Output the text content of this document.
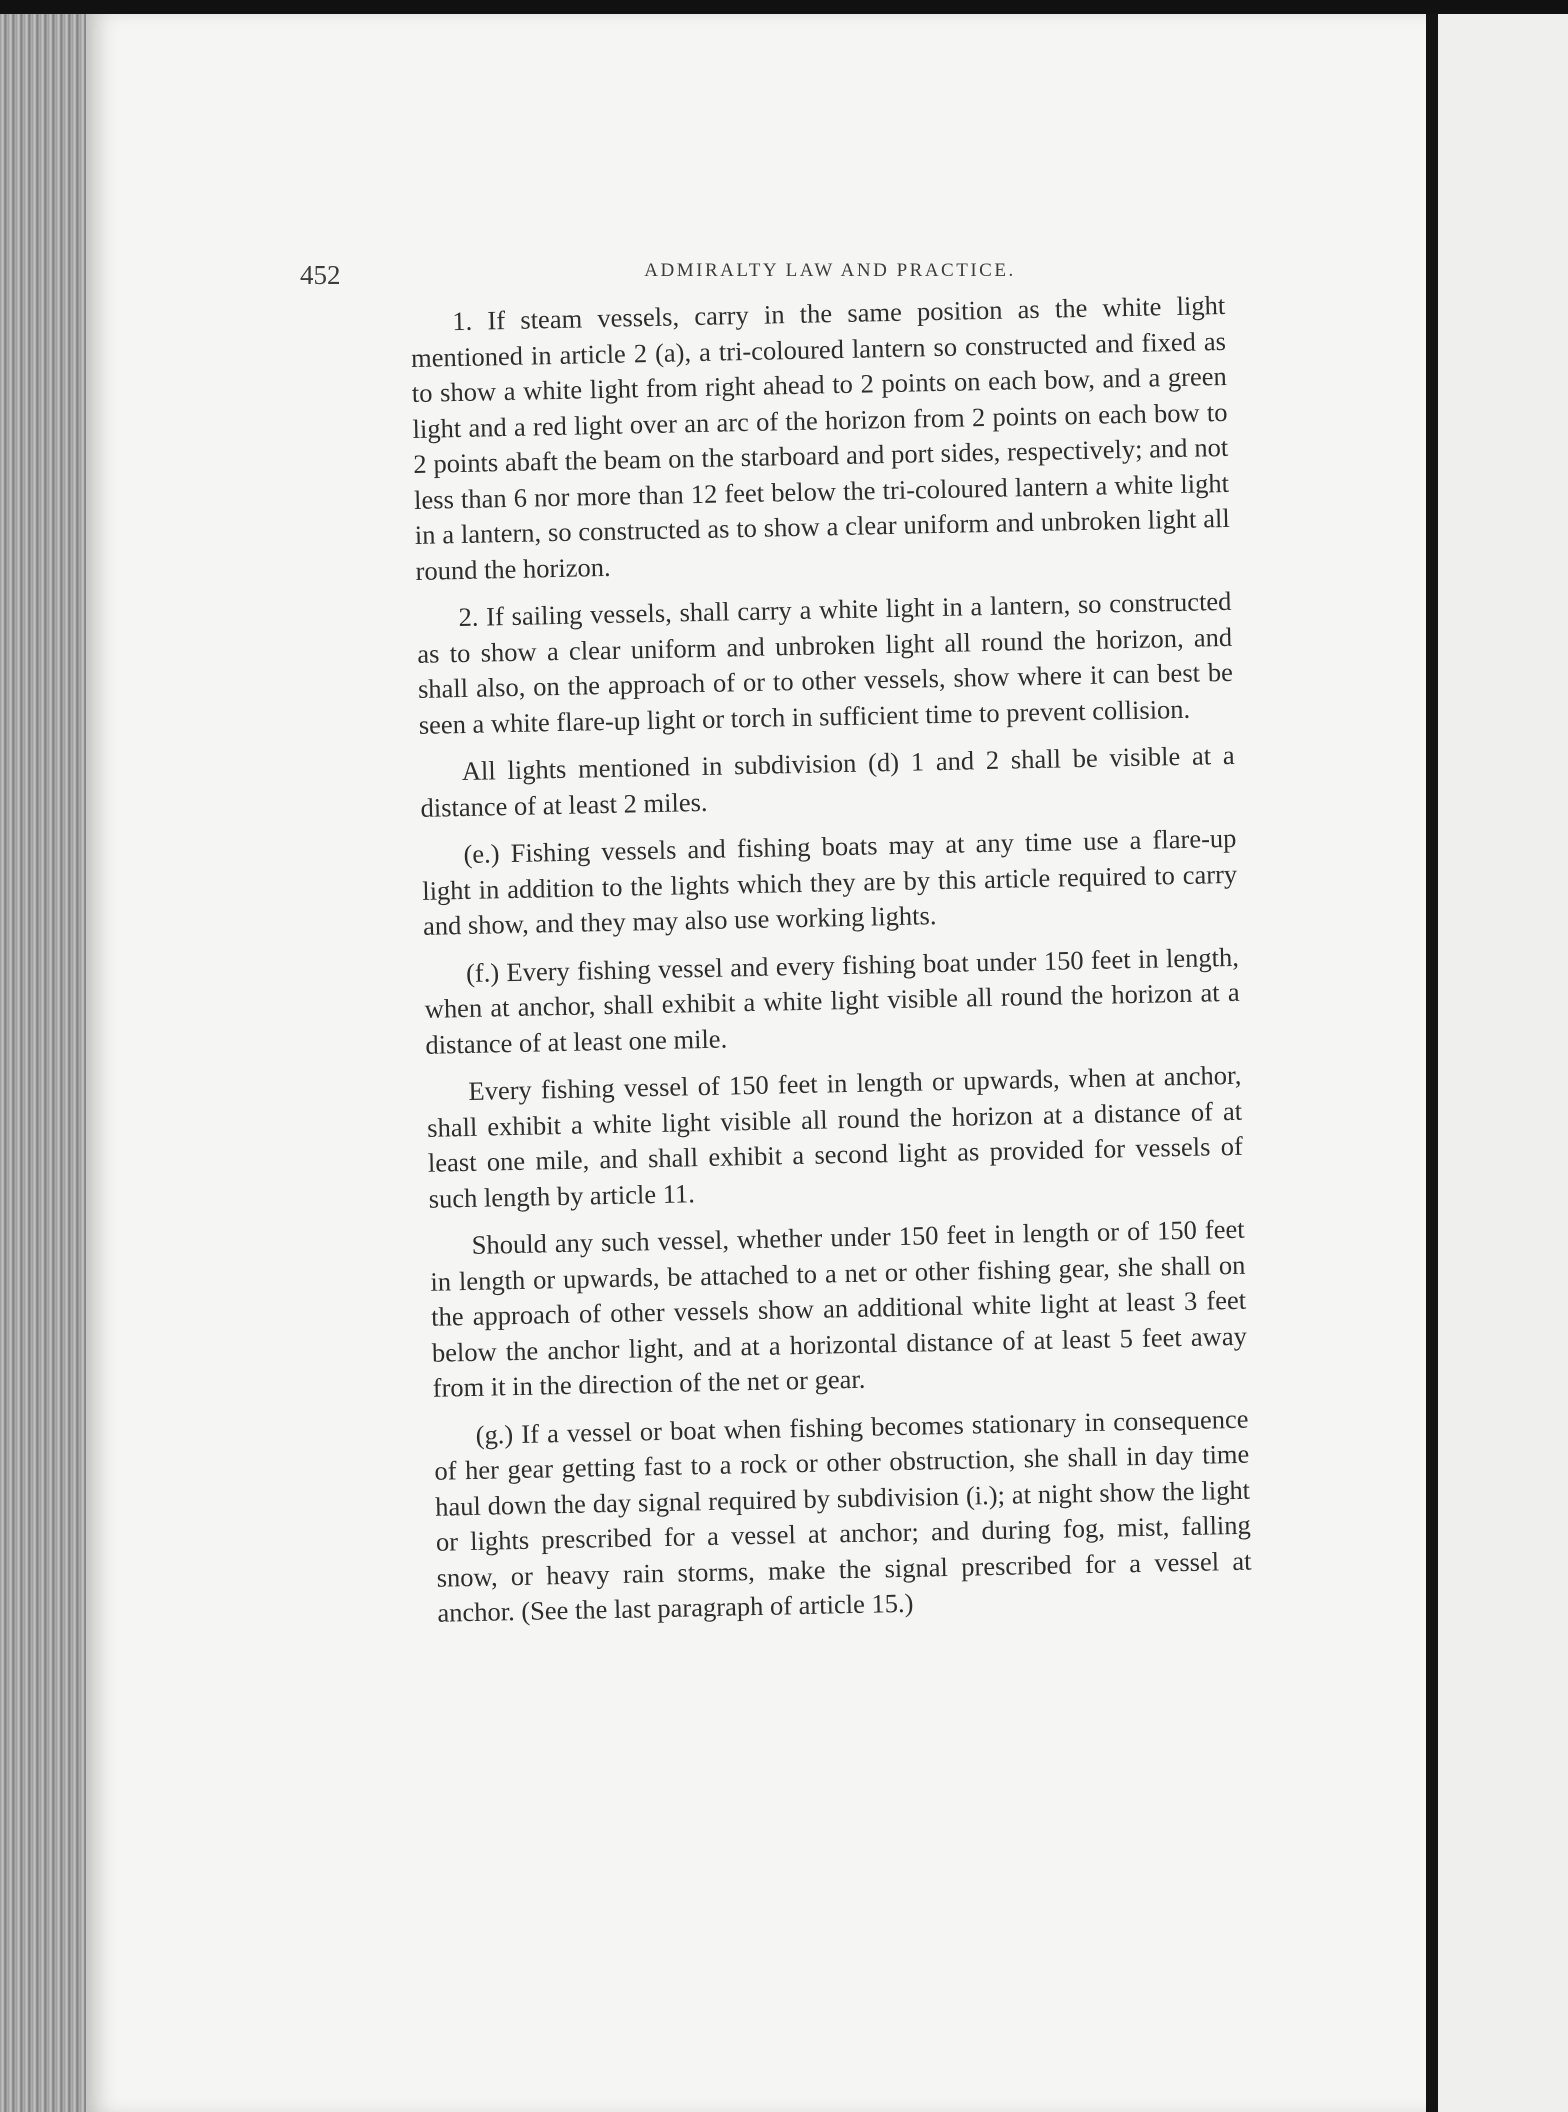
452	ADMIRALTY LAW AND PRACTICE.

1. If steam vessels, carry in the same position as the white light mentioned in article 2 (a), a tri-coloured lantern so constructed and fixed as to show a white light from right ahead to 2 points on each bow, and a green light and a red light over an arc of the horizon from 2 points on each bow to 2 points abaft the beam on the starboard and port sides, respectively; and not less than 6 nor more than 12 feet below the tri-coloured lantern a white light in a lantern, so constructed as to show a clear uniform and unbroken light all round the horizon.

2. If sailing vessels, shall carry a white light in a lantern, so constructed as to show a clear uniform and unbroken light all round the horizon, and shall also, on the approach of or to other vessels, show where it can best be seen a white flare-up light or torch in sufficient time to prevent collision.

All lights mentioned in subdivision (d) 1 and 2 shall be visible at a distance of at least 2 miles.

(e.) Fishing vessels and fishing boats may at any time use a flare-up light in addition to the lights which they are by this article required to carry and show, and they may also use working lights.

(f.) Every fishing vessel and every fishing boat under 150 feet in length, when at anchor, shall exhibit a white light visible all round the horizon at a distance of at least one mile.

Every fishing vessel of 150 feet in length or upwards, when at anchor, shall exhibit a white light visible all round the horizon at a distance of at least one mile, and shall exhibit a second light as provided for vessels of such length by article 11.

Should any such vessel, whether under 150 feet in length or of 150 feet in length or upwards, be attached to a net or other fishing gear, she shall on the approach of other vessels show an additional white light at least 3 feet below the anchor light, and at a horizontal distance of at least 5 feet away from it in the direction of the net or gear.

(g.) If a vessel or boat when fishing becomes stationary in consequence of her gear getting fast to a rock or other obstruction, she shall in day time haul down the day signal required by subdivision (i.); at night show the light or lights prescribed for a vessel at anchor; and during fog, mist, falling snow, or heavy rain storms, make the signal prescribed for a vessel at anchor. (See the last paragraph of article 15.)
